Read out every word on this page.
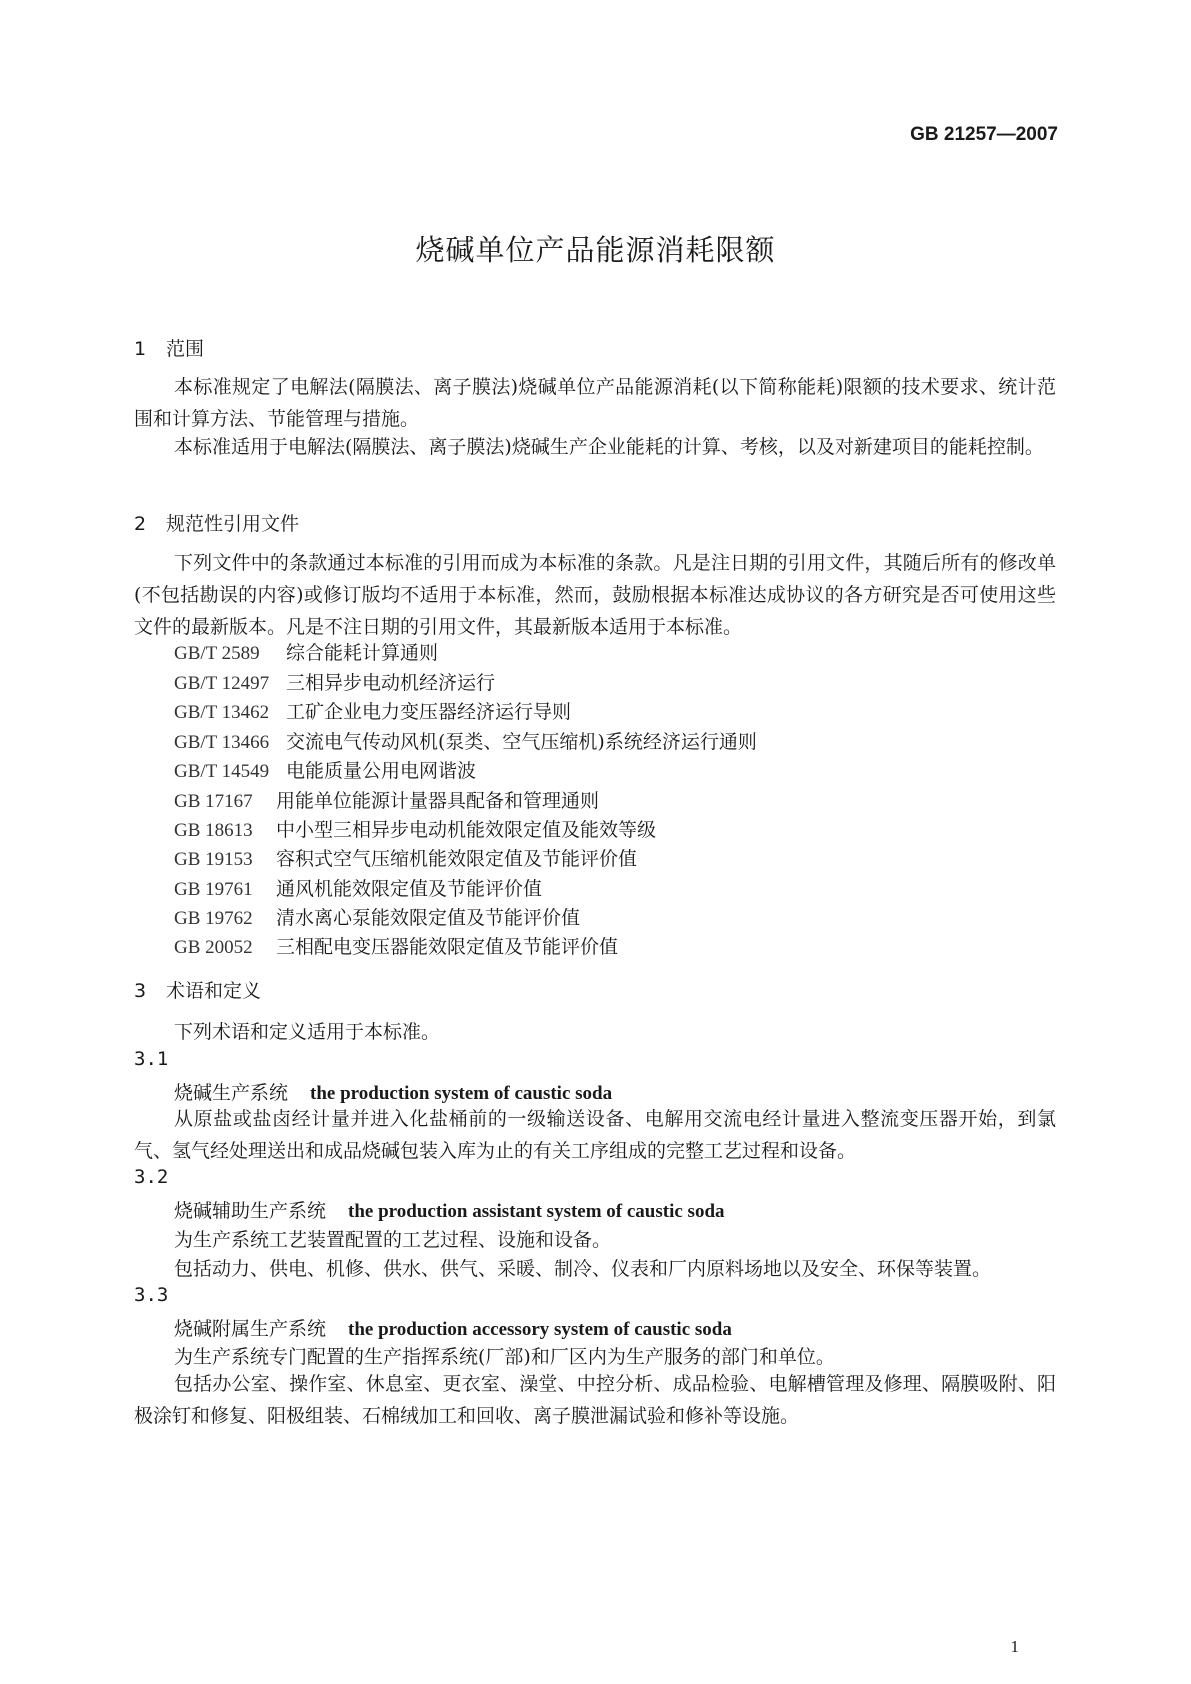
GB 21257—2007
烧碱单位产品能源消耗限额
1 范围
本标准规定了电解法(隔膜法、离子膜法)烧碱单位产品能源消耗(以下简称能耗)限额的技术要求、统计范围和计算方法、节能管理与措施。
本标准适用于电解法(隔膜法、离子膜法)烧碱生产企业能耗的计算、考核，以及对新建项目的能耗控制。
2 规范性引用文件
下列文件中的条款通过本标准的引用而成为本标准的条款。凡是注日期的引用文件，其随后所有的修改单(不包括勘误的内容)或修订版均不适用于本标准，然而，鼓励根据本标准达成协议的各方研究是否可使用这些文件的最新版本。凡是不注日期的引用文件，其最新版本适用于本标准。
GB/T 2589 综合能耗计算通则
GB/T 12497 三相异步电动机经济运行
GB/T 13462 工矿企业电力变压器经济运行导则
GB/T 13466 交流电气传动风机(泵类、空气压缩机)系统经济运行通则
GB/T 14549 电能质量公用电网谐波
GB 17167 用能单位能源计量器具配备和管理通则
GB 18613 中小型三相异步电动机能效限定值及能效等级
GB 19153 容积式空气压缩机能效限定值及节能评价值
GB 19761 通风机能效限定值及节能评价值
GB 19762 清水离心泵能效限定值及节能评价值
GB 20052 三相配电变压器能效限定值及节能评价值
3 术语和定义
下列术语和定义适用于本标准。
3.1
烧碱生产系统 the production system of caustic soda
从原盐或盐卤经计量并进入化盐桶前的一级输送设备、电解用交流电经计量进入整流变压器开始，到氯气、氢气经处理送出和成品烧碱包装入库为止的有关工序组成的完整工艺过程和设备。
3.2
烧碱辅助生产系统 the production assistant system of caustic soda
为生产系统工艺装置配置的工艺过程、设施和设备。
包括动力、供电、机修、供水、供气、采暖、制冷、仪表和厂内原料场地以及安全、环保等装置。
3.3
烧碱附属生产系统 the production accessory system of caustic soda
为生产系统专门配置的生产指挥系统(厂部)和厂区内为生产服务的部门和单位。
包括办公室、操作室、休息室、更衣室、澡堂、中控分析、成品检验、电解槽管理及修理、隔膜吸附、阳极涂钉和修复、阳极组装、石棉绒加工和回收、离子膜泄漏试验和修补等设施。
1
